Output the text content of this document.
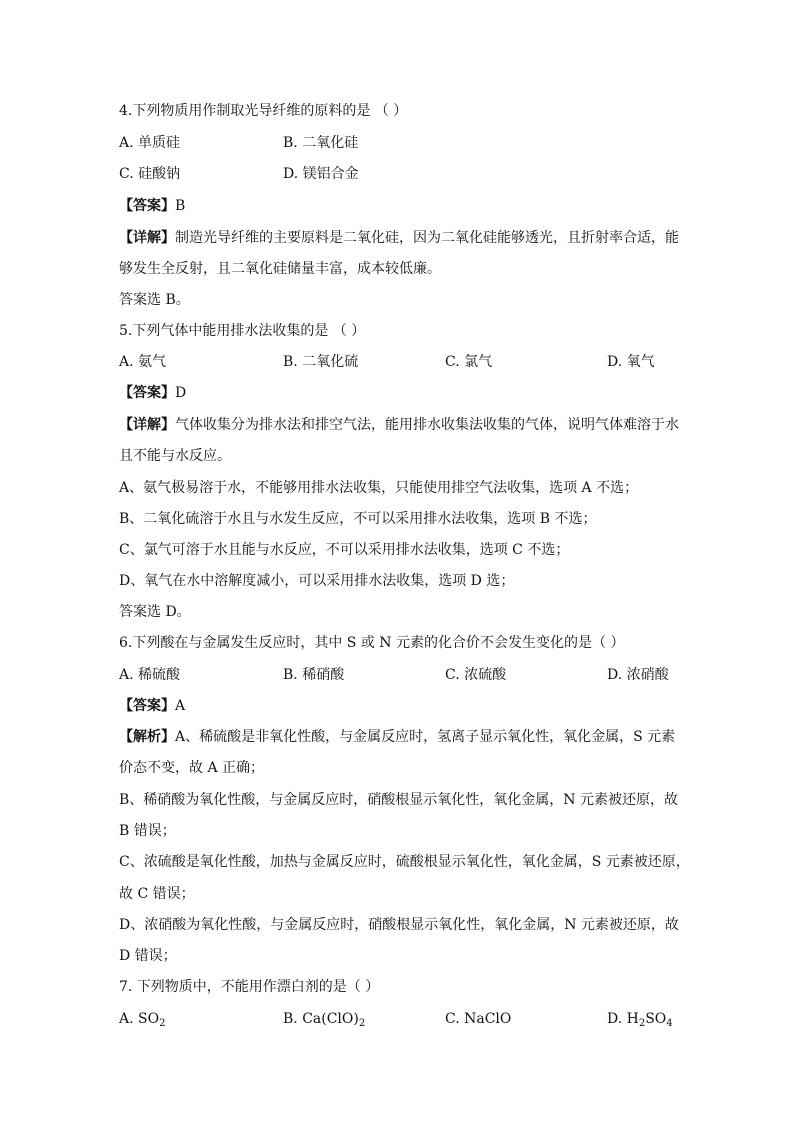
4.下列物质用作制取光导纤维的原料的是 （ ）
A. 单质硅	B. 二氧化硅
C. 硅酸钠	D. 镁铝合金
【答案】B
【详解】制造光导纤维的主要原料是二氧化硅，因为二氧化硅能够透光，且折射率合适，能
够发生全反射，且二氧化硅储量丰富，成本较低廉。
答案选 B。
5.下列气体中能用排水法收集的是 （ ）
A. 氨气	B. 二氧化硫	C. 氯气	D. 氧气
【答案】D
【详解】气体收集分为排水法和排空气法，能用排水收集法收集的气体，说明气体难溶于水
且不能与水反应。
A、氨气极易溶于水，不能够用排水法收集，只能使用排空气法收集，选项 A 不选；
B、二氧化硫溶于水且与水发生反应，不可以采用排水法收集，选项 B 不选；
C、氯气可溶于水且能与水反应，不可以采用排水法收集，选项 C 不选；
D、氧气在水中溶解度减小，可以采用排水法收集，选项 D 选；
答案选 D。
6.下列酸在与金属发生反应时，其中 S 或 N 元素的化合价不会发生变化的是（ ）
A. 稀硫酸	B. 稀硝酸	C. 浓硫酸	D. 浓硝酸
【答案】A
【解析】A、稀硫酸是非氧化性酸，与金属反应时，氢离子显示氧化性，氧化金属，S 元素
价态不变，故 A 正确；
B、稀硝酸为氧化性酸，与金属反应时，硝酸根显示氧化性，氧化金属，N 元素被还原，故
B 错误；
C、浓硫酸是氧化性酸，加热与金属反应时，硫酸根显示氧化性，氧化金属，S 元素被还原，
故 C 错误；
D、浓硝酸为氧化性酸，与金属反应时，硝酸根显示氧化性，氧化金属，N 元素被还原，故
D 错误；
7. 下列物质中，不能用作漂白剂的是（ ）
A. $SO_2$	B. $Ca(ClO)_2$	C. NaClO	D. $H_2SO_4$
